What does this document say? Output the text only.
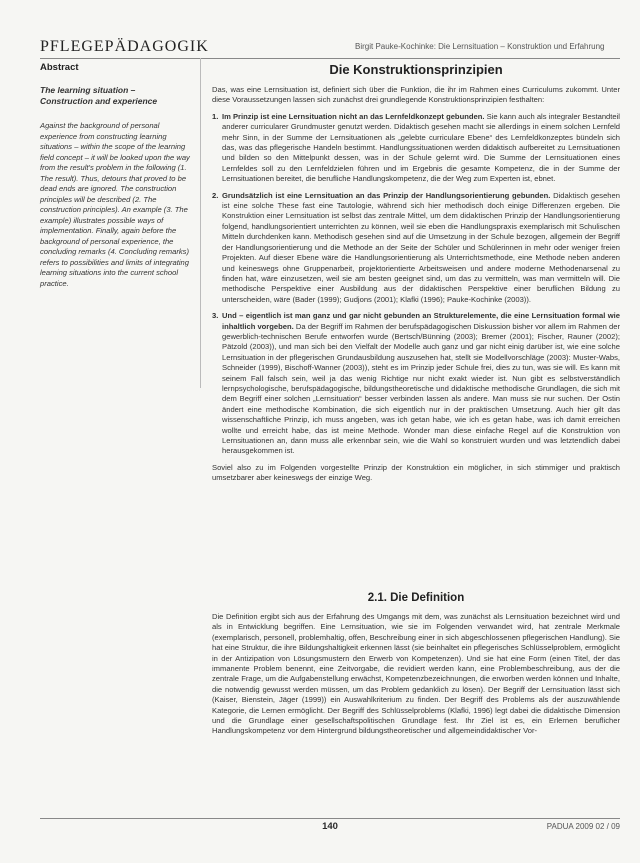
PFLEGEPÄDAGOGIK	Birgit Pauke-Kochinke: Die Lernsituation – Konstruktion und Erfahrung
Abstract
The learning situation – Construction and experience
Against the background of personal experience from constructing learning situations – within the scope of the learning field concept – it will be looked upon the way from the result's problem in the following (1. The result). Thus, detours that proved to be dead ends are ignored. The construction principles will be described (2. The construction principles). An example (3. The example) illustrates possible ways of implementation. Finally, again before the background of personal experience, the concluding remarks (4. Concluding remarks) refers to possibilities and limits of integrating learning situations into the current school practice.
Die Konstruktionsprinzipien

Das, was eine Lernsituation ist, definiert sich über die Funktion, die ihr im Rahmen eines Curriculums zukommt. Unter diese Voraussetzungen lassen sich zunächst drei grundlegende Konstruktionsprinzipien festhalten:

1. Im Prinzip ist eine Lernsituation nicht an das Lernfeldkonzept gebunden. Sie kann auch als integraler Bestandteil anderer curricularer Grundmuster genutzt werden. Didaktisch gesehen macht sie allerdings in einem solchen Lernfeld mehr Sinn, in der Summe der Lernsituationen als „gelebte curriculare Ebene“ des Lernfeldkonzeptes bündeln sich das, was das pflegerische Handeln bestimmt. Handlungssituationen werden didaktisch aufbereitet zu Lernsituationen und bilden so den Mittelpunkt dessen, was in der Schule gelernt wird. Die Summe der Lernsituationen eines Lernfeldes soll zu den Lernfeldzielen führen und im Ergebnis die gesamte Kompetenz, die in der Summe der Lernsituationen bereitet, die berufliche Handlungskompetenz, die der Weg zum Experten ist, ebnet.
2. Grundsätzlich ist eine Lernsituation an das Prinzip der Handlungsorientierung gebunden. Didaktisch gesehen ist eine solche These fast eine Tautologie, während sich hier methodisch doch einige Differenzen ergeben. Die Konstruktion einer Lernsituation ist selbst das zentrale Mittel, um dem didaktischen Prinzip der Handlungsorientierung folgend, handlungsorientiert unterrichten zu können, weil sie eben die Handlungspraxis exemplarisch mit Schulischen Mitteln durchdenken kann. Methodisch gesehen sind auf die Umsetzung in der Schule bezogen, allgemein der Begriff der Handlungsorientierung und die Methode an der Seite der Schüler und Schülerinnen in mehr oder weniger freien Projekten. Auf dieser Ebene wäre die Handlungsorientierung als Unterrichtsmethode, eine Methode neben anderen und keineswegs ohne Gruppenarbeit, projektorientierte Arbeitsweisen und andere moderne Methodenarsenal zu finden hat, wäre einzusetzen, weil sie am besten geeignet sind, um das zu vermitteln, was man vermitteln will. Die methodische Perspektive einer Ausbildung aus der didaktischen Perspektive einer beruflichen Bildung zu unterscheiden, wäre (Bader (1999); Gudjons (2001); Klafki (1996); Pauke-Kochinke (2003)).
3. Und – eigentlich ist man ganz und gar nicht gebunden an Strukturelemente, die eine Lernsituation formal wie inhaltlich vorgeben. Da der Begriff im Rahmen der berufspädagogischen Diskussion bisher vor allem im Rahmen der gewerblich-technischen Berufe entworfen wurde (Bertsch/Bünning (2003); Bremer (2001); Fischer, Rauner (2002); Pätzold (2003)), und man sich bei den Vielfalt der Modelle auch ganz und gar nicht einig darüber ist, wie eine solche Lernsituation in der pflegerischen Grundausbildung auszusehen hat, stellt sie Modellvorschläge (2003): Muster-Wabs, Schneider (1999), Bischoff-Wanner (2003)), steht es im Prinzip jeder Schule frei, dies zu tun, was sie will. Es kann mit seinem Fall falsch sein, weil ja das wenig Richtige nur nicht exakt wieder ist. Nun gibt es selbstverständlich lernpsychologische, berufspädagogische, bildungstheoretische und didaktische methodische Grundlagen, die sich mit dem Begriff einer solchen „Lernsituation“ besser verbinden lassen als andere. Man muss sie nur suchen. Der Ostin ändert eine methodische Kombination, die sich eigentlich nur in der praktischen Umsetzung. Auch hier gilt das wissenschaftliche Prinzip, ich muss angeben, was ich getan habe, wie ich es getan habe, was ich damit erreichen wollte und erreicht habe, das ist meine Methode. Wonder man diese einfache Regel auf die Konstruktion von Lernsituationen an, dann muss alle erkennbar sein, wie die Wahl so konstruiert wurden und was letztendlich dabei herausgekommen ist.

Soviel also zu im Folgenden vorgestellte Prinzip der Konstruktion ein möglicher, in sich stimmiger und praktisch umsetzbarer aber keineswegs der einzige Weg.

2.1. Die Definition

Die Definition ergibt sich aus der Erfahrung des Umgangs mit dem, was zunächst als Lernsituation bezeichnet wird und als in Entwicklung begriffen. Eine Lernsituation, wie sie im Folgenden verwandet wird, hat zentrale Merkmale (exemplarisch, personell, problemhaltig, offen, Beschreibung einer in sich abgeschlossenen pflegerischen Handlung). Sie hat eine Struktur, die ihre Bildungshaltigkeit erkennen lässt (sie beinhaltet ein pflegerisches Schlüsselproblem, ermöglicht in der Antizipation von Lösungsmustern den Erwerb von Kompetenzen). Und sie hat eine Form (einen Titel, der das immanente Problem benennt, eine Zeitvorgabe, die revidiert werden kann, eine Problembeschreibung, aus der die zentrale Frage, um die Aufgabenstellung erwächst, Kompetenzbezeichnungen, die erworben werden können und Inhalte, die notwendig gewusst werden müssen, um das Problem gedanklich zu lösen). Der Begriff der Lernsituation lässt sich (Kaiser, Bienstein, Jäger (1999)) ein Auswahlkriterium zu finden. Der Begriff des Problems als der auszuwählende Kategorie, die Lernen ermöglicht. Der Begriff des Schlüsselproblems (Klafki, 1996) legt dabei die didaktische Dimension und die Grundlage einer gesellschaftspolitischen Grundlage fest. Ihr Ziel ist es, ein Erlernen beruflicher Handlungskompetenz vor dem Hintergrund bildungstheoretischer und allgemeindidaktischer Vor-

140	PADUA 2009 02 / 09
